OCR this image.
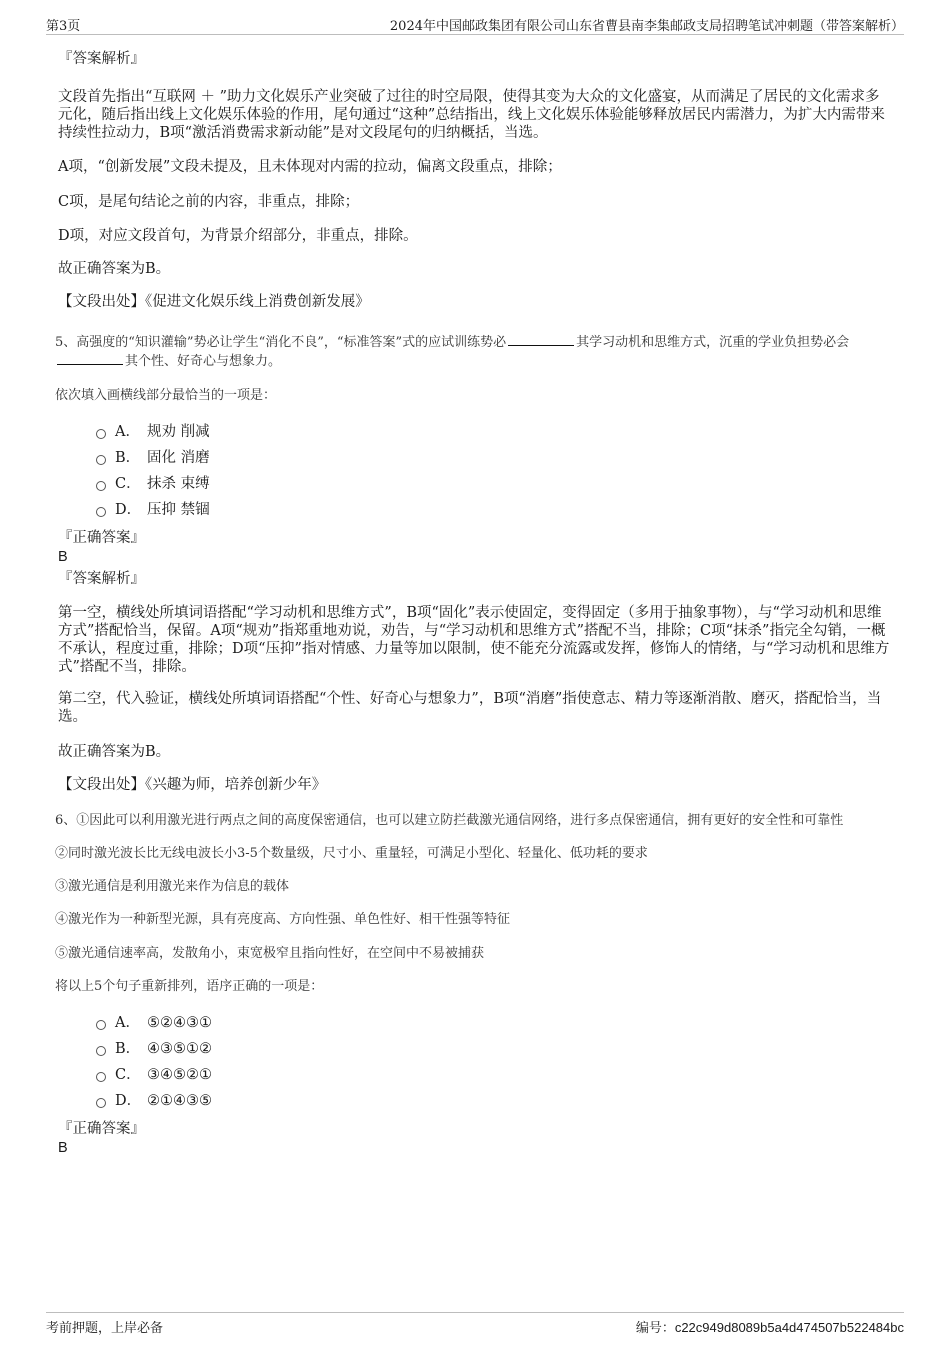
第3页	2024年中国邮政集团有限公司山东省曹县南李集邮政支局招聘笔试冲刺题（带答案解析）
『答案解析』
文段首先指出“互联网 ＋ ”助力文化娱乐产业突破了过往的时空局限，使得其变为大众的文化盛宴，从而满足了居民的文化需求多元化，随后指出线上文化娱乐体验的作用，尾句通过“这种”总结指出，线上文化娱乐体验能够释放居民内需潜力，为扩大内需带来持续性拉动力，B项“激活消费需求新动能”是对文段尾句的归纳概括，当选。
A项，“创新发展”文段未提及，且未体现对内需的拉动，偏离文段重点，排除；
C项，是尾句结论之前的内容，非重点，排除；
D项，对应文段首句，为背景介绍部分，非重点，排除。
故正确答案为B。
【文段出处】《促进文化娱乐线上消费创新发展》
5、高强度的“知识灌输”势必让学生“消化不良”，“标准答案”式的应试训练势必	其学习动机和思维方式，沉重的学业负担势必会其个性、好奇心与想象力。
依次填入画横线部分最恰当的一项是：
A． 规劝 削减
B． 固化 消磨
C． 抹杀 束缚
D． 压抑 禁锢
『正确答案』
B
『答案解析』
第一空，横线处所填词语搭配“学习动机和思维方式”，B项“固化”表示使固定，变得固定（多用于抽象事物），与“学习动机和思维方式”搭配恰当，保留。A项“规劝”指郑重地劝说，劝告，与“学习动机和思维方式”搭配不当，排除；C项“抹杀”指完全勾销，一概不承认，程度过重，排除；D项“压抑”指对情感、力量等加以限制，使不能充分流露或发挥，修饰人的情绪，与“学习动机和思维方式”搭配不当，排除。
第二空，代入验证，横线处所填词语搭配“个性、好奇心与想象力”，B项“消磨”指使意志、精力等逐渐消散、磨灭，搭配恰当，当选。
故正确答案为B。
【文段出处】《兴趣为师，培养创新少年》
6、①因此可以利用激光进行两点之间的高度保密通信，也可以建立防拦截激光通信网络，进行多点保密通信，拥有更好的安全性和可靠性
②同时激光波长比无线电波长小3-5个数量级，尺寸小、重量轻，可满足小型化、轻量化、低功耗的要求
③激光通信是利用激光来作为信息的载体
④激光作为一种新型光源，具有亮度高、方向性强、单色性好、相干性强等特征
⑤激光通信速率高，发散角小，束宽极窄且指向性好，在空间中不易被捕获
将以上5个句子重新排列，语序正确的一项是：
A． ⑤②④③①
B． ④③⑤①②
C． ③④⑤②①
D． ②①④③⑤
『正确答案』
B
考前押题，上岸必备	编号：c22c949d8089b5a4d474507b522484bc
